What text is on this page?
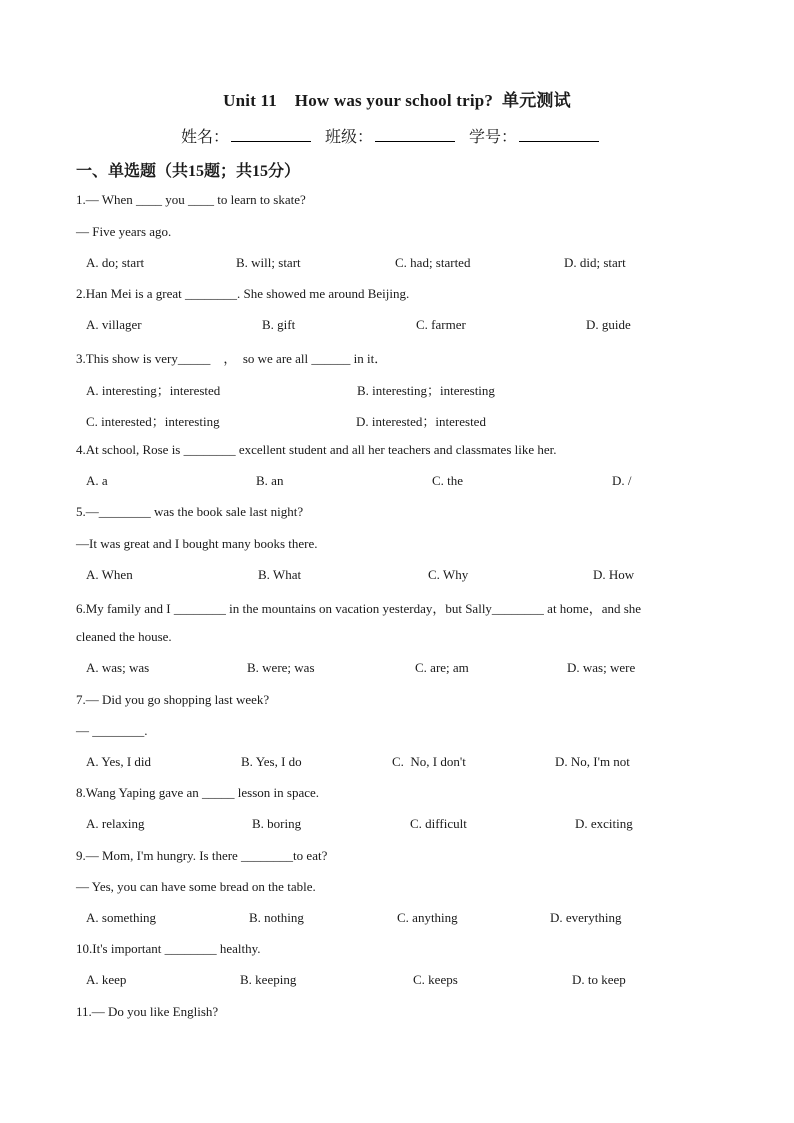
Unit 11 How was your school trip? 单元测试
姓名：	班级：	学号：
一、单选题（共15题；共15分）
1.— When ____ you ____ to learn to skate?
— Five years ago.
A. do; start	B. will; start	C. had; started	D. did; start
2.Han Mei is a great ________. She showed me around Beijing.
A. villager	B. gift	C. farmer	D. guide
3.This show is very_____    ，  so we are all ______ in it．
A. interesting；interested	B. interesting；interesting
C. interested；interesting	D. interested；interested
4.At school, Rose is ________ excellent student and all her teachers and classmates like her.
A. a	B. an	C. the	D. /
5.—________ was the book sale last night?
—It was great and I bought many books there.
A. When	B. What	C. Why	D. How
6.My family and I ________ in the mountains on vacation yesterday，but Sally________ at home，and she
cleaned the house.
A. was; was	B. were; was	C. are; am	D. was; were
7.— Did you go shopping last week?
— ________.
A. Yes, I did	B. Yes, I do	C.  No, I don't	D. No, I'm not
8.Wang Yaping gave an _____ lesson in space.
A. relaxing	B. boring	C. difficult	D. exciting
9.— Mom, I'm hungry. Is there ________to eat?
— Yes, you can have some bread on the table.
A. something	B. nothing	C. anything	D. everything
10.It's important ________ healthy.
A. keep	B. keeping	C. keeps	D. to keep
11.— Do you like English?
